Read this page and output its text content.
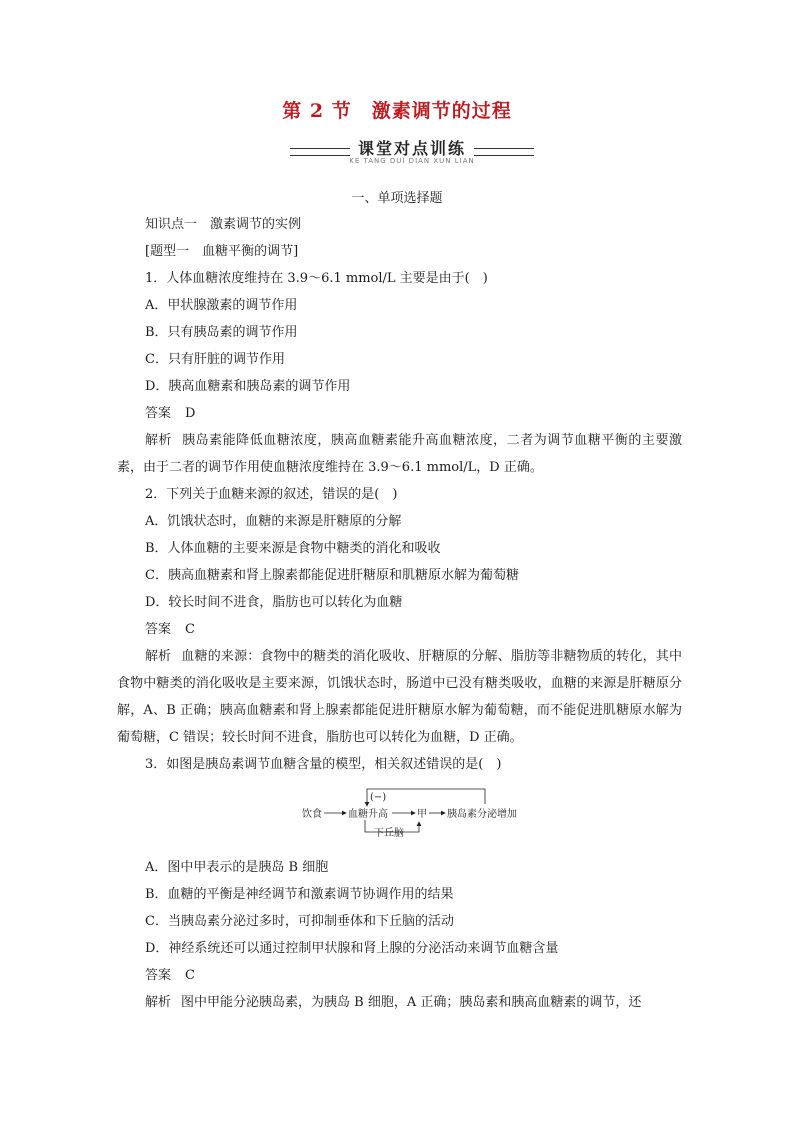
第 2 节　激素调节的过程
课堂对点训练
KE TANG DUI DIAN XUN LIAN
一、单项选择题
知识点一　激素调节的实例
[题型一　血糖平衡的调节]
1．人体血糖浓度维持在 3.9～6.1 mmol/L 主要是由于(　)
A．甲状腺激素的调节作用
B．只有胰岛素的调节作用
C．只有肝脏的调节作用
D．胰高血糖素和胰岛素的调节作用
答案 D
解析 胰岛素能降低血糖浓度，胰高血糖素能升高血糖浓度，二者为调节血糖平衡的主要激素，由于二者的调节作用使血糖浓度维持在 3.9～6.1 mmol/L，D 正确。
2．下列关于血糖来源的叙述，错误的是(　)
A．饥饿状态时，血糖的来源是肝糖原的分解
B．人体血糖的主要来源是食物中糖类的消化和吸收
C．胰高血糖素和肾上腺素都能促进肝糖原和肌糖原水解为葡萄糖
D．较长时间不进食，脂肪也可以转化为血糖
答案 C
解析 血糖的来源：食物中的糖类的消化吸收、肝糖原的分解、脂肪等非糖物质的转化，其中食物中糖类的消化吸收是主要来源，饥饿状态时，肠道中已没有糖类吸收，血糖的来源是肝糖原分解，A、B 正确；胰高血糖素和肾上腺素都能促进肝糖原水解为葡萄糖，而不能促进肌糖原水解为葡萄糖，C 错误；较长时间不进食，脂肪也可以转化为血糖，D 正确。
3．如图是胰岛素调节血糖含量的模型，相关叙述错误的是(　)
饮食	血糖升高	甲 胰岛素分泌增加
(−)
下丘脑
A．图中甲表示的是胰岛 B 细胞
B．血糖的平衡是神经调节和激素调节协调作用的结果
C．当胰岛素分泌过多时，可抑制垂体和下丘脑的活动
D．神经系统还可以通过控制甲状腺和肾上腺的分泌活动来调节血糖含量
答案 C
解析 图中甲能分泌胰岛素，为胰岛 B 细胞，A 正确；胰岛素和胰高血糖素的调节，还
